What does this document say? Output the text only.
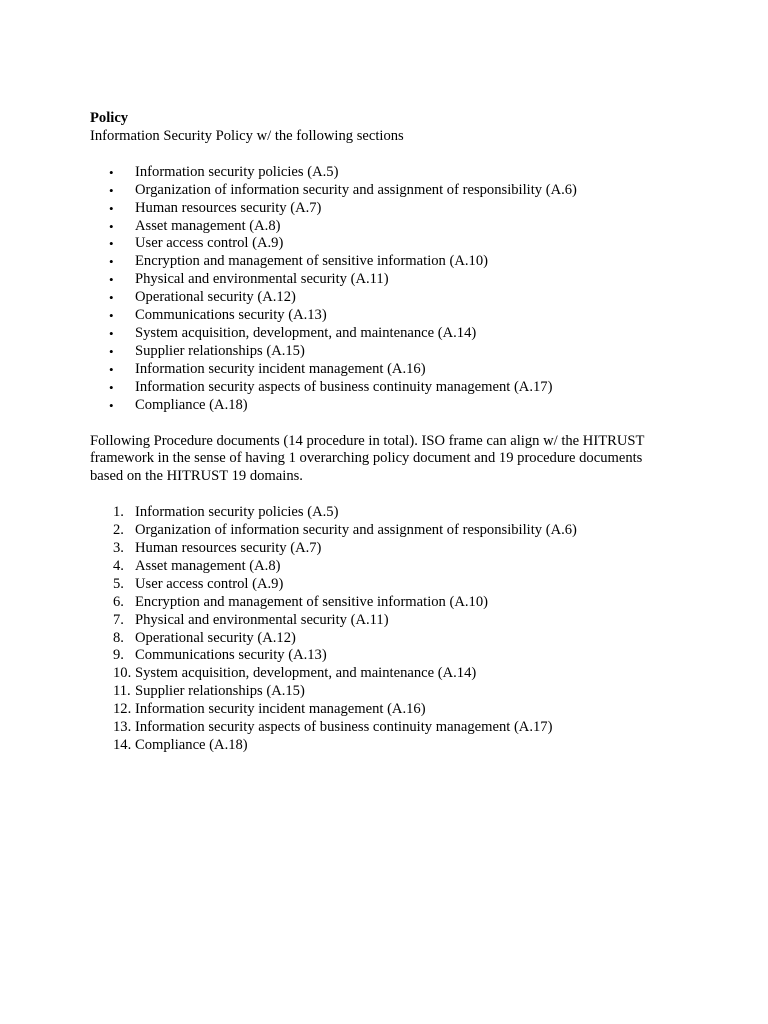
Policy
Information Security Policy w/ the following sections
• Information security policies (A.5)
• Organization of information security and assignment of responsibility (A.6)
• Human resources security (A.7)
• Asset management (A.8)
• User access control (A.9)
• Encryption and management of sensitive information (A.10)
• Physical and environmental security (A.11)
• Operational security (A.12)
• Communications security (A.13)
• System acquisition, development, and maintenance (A.14)
• Supplier relationships (A.15)
• Information security incident management (A.16)
• Information security aspects of business continuity management (A.17)
• Compliance (A.18)

Following Procedure documents (14 procedure in total). ISO frame can align w/ the HITRUST framework in the sense of having 1 overarching policy document and 19 procedure documents based on the HITRUST 19 domains.

1. Information security policies (A.5)
2. Organization of information security and assignment of responsibility (A.6)
3. Human resources security (A.7)
4. Asset management (A.8)
5. User access control (A.9)
6. Encryption and management of sensitive information (A.10)
7. Physical and environmental security (A.11)
8. Operational security (A.12)
9. Communications security (A.13)
10. System acquisition, development, and maintenance (A.14)
11. Supplier relationships (A.15)
12. Information security incident management (A.16)
13. Information security aspects of business continuity management (A.17)
14. Compliance (A.18)
